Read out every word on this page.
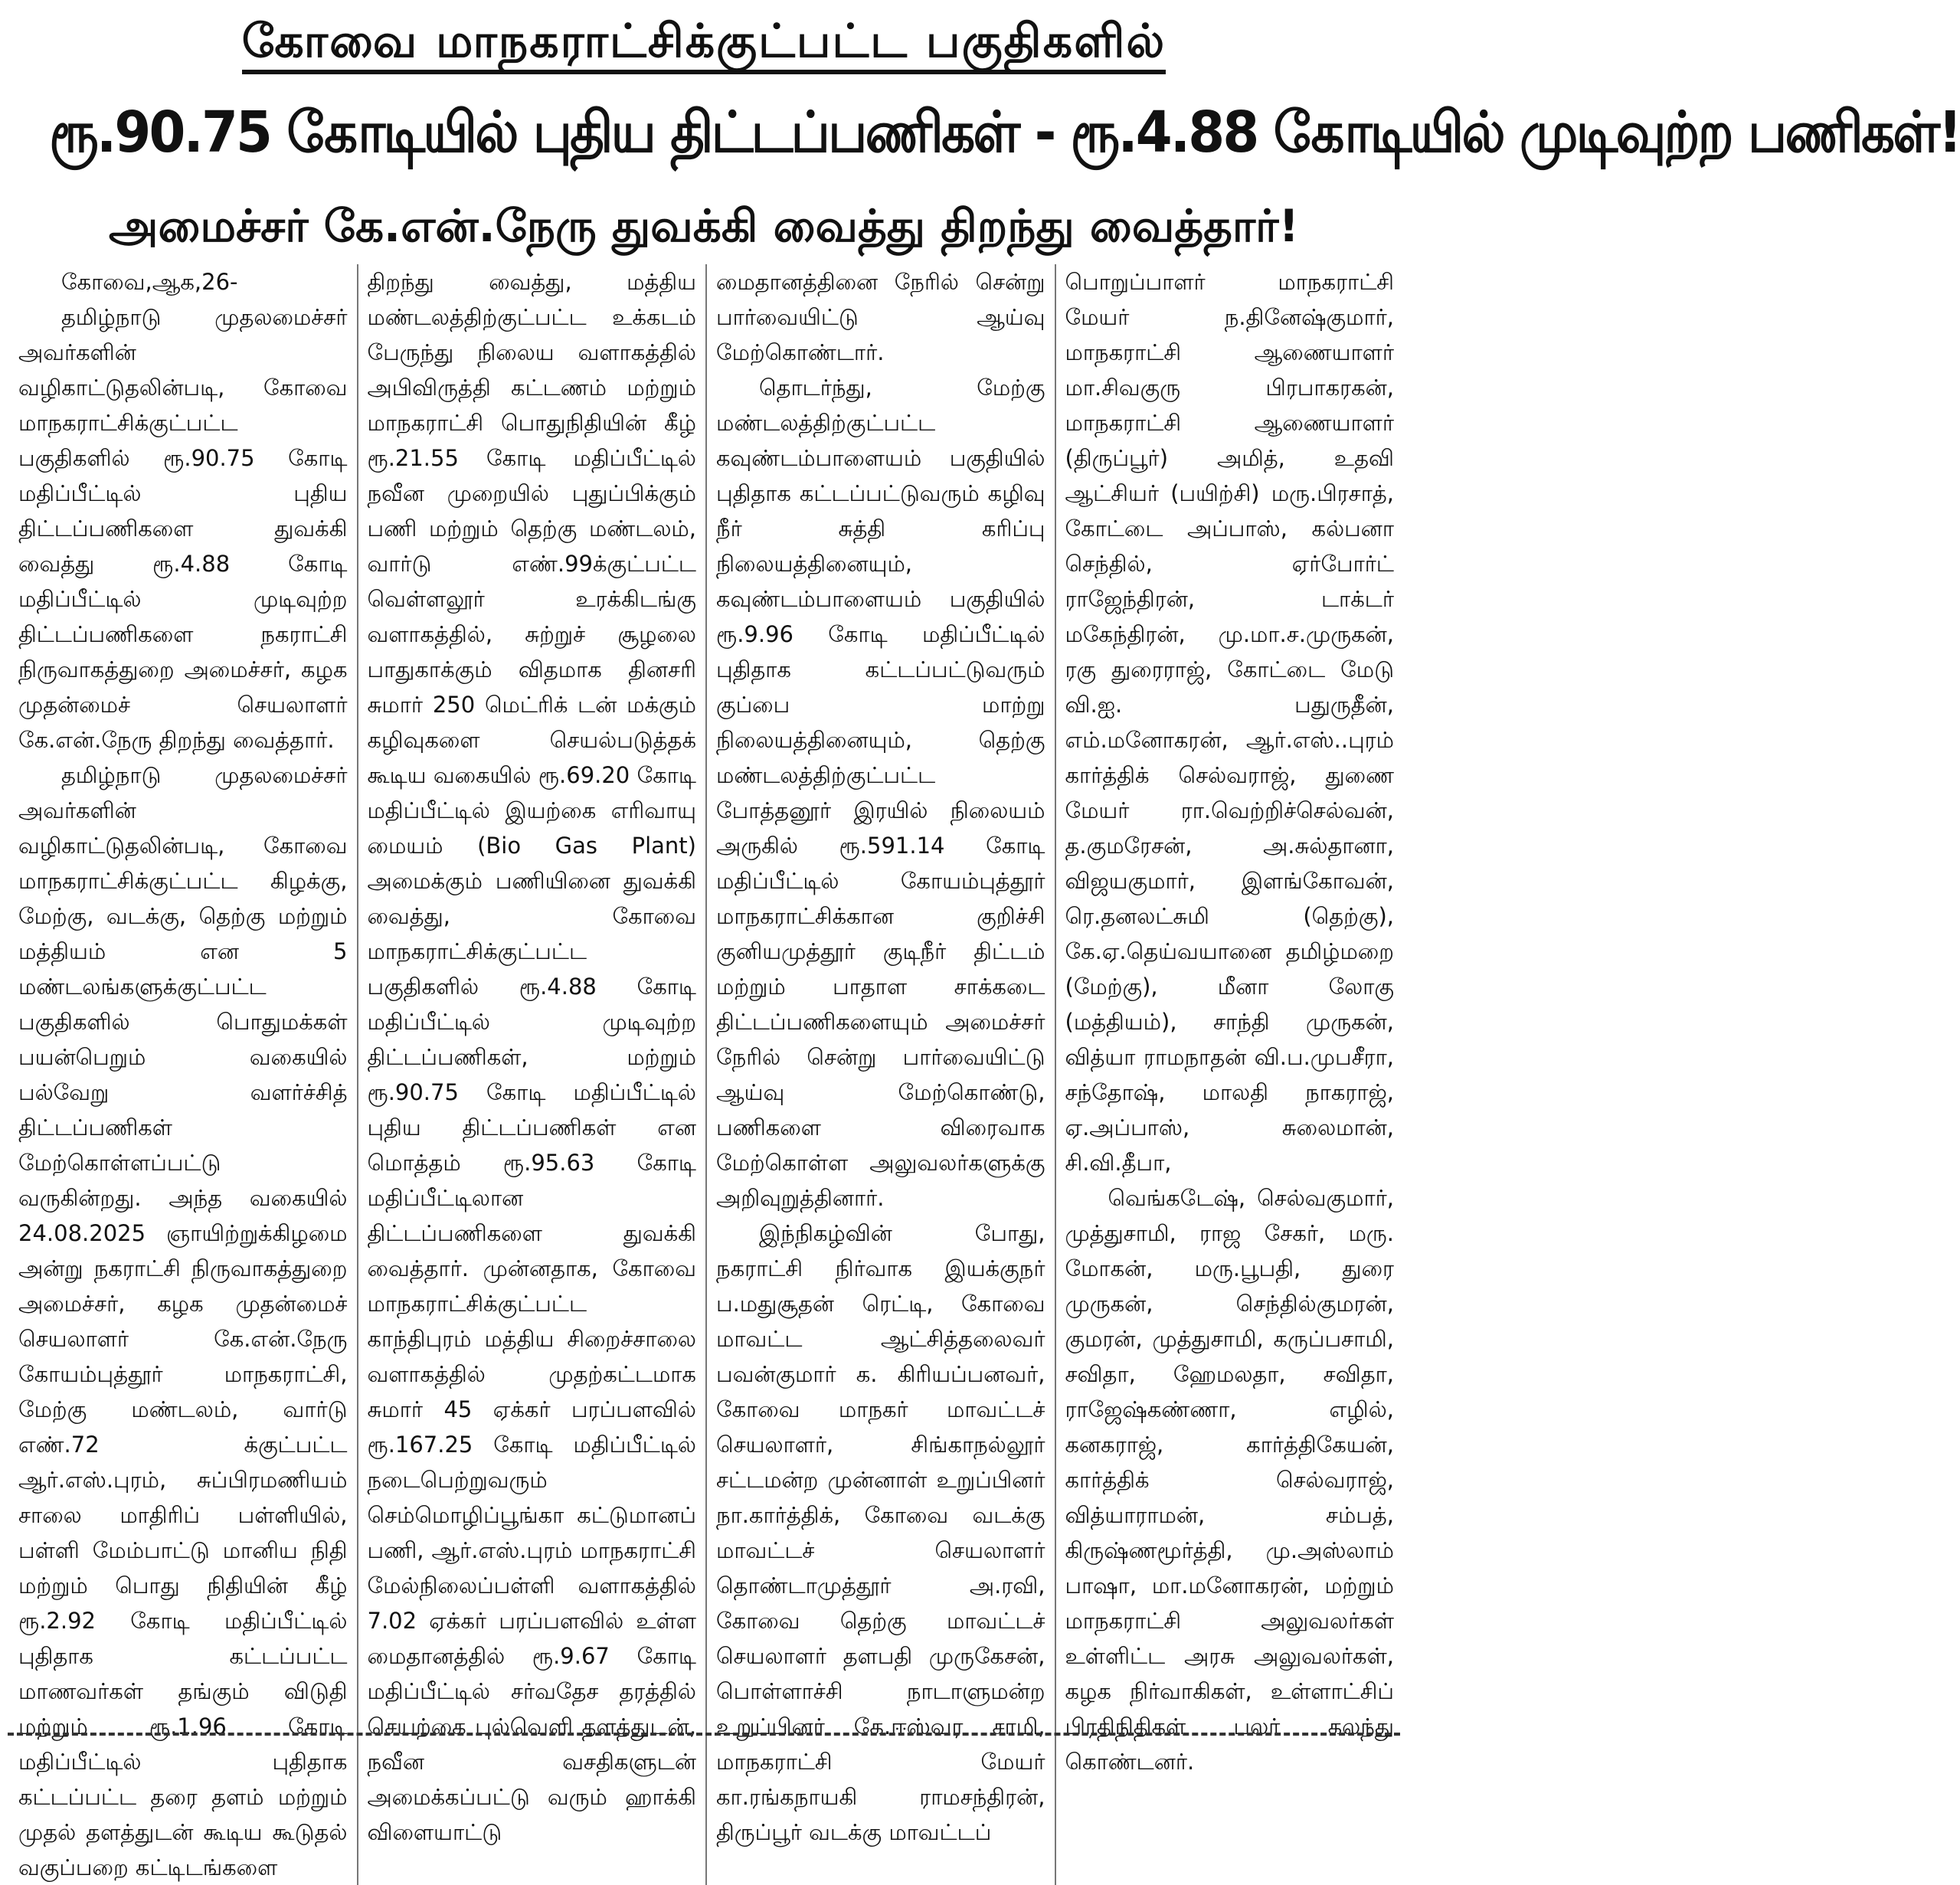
கோவை மாநகராட்சிக்குட்பட்ட பகுதிகளில்
ரூ.90.75 கோடியில் புதிய திட்டப்பணிகள் - ரூ.4.88 கோடியில் முடிவுற்ற பணிகள்!
அமைச்சர் கே.என்.நேரு துவக்கி வைத்து திறந்து வைத்தார்!

கோவை,ஆக,26-

தமிழ்நாடு முதலமைச்சர் அவர்களின் வழிகாட்டுதலின்படி, கோவை மாநகராட்சிக்குட்பட்ட பகுதிகளில் ரூ.90.75 கோடி மதிப்பீட்டில் புதிய திட்டப்பணிகளை துவக்கி வைத்து ரூ.4.88 கோடி மதிப்பீட்டில் முடிவுற்ற திட்டப்பணிகளை நகராட்சி நிருவாகத்துறை அமைச்சர், கழக முதன்மைச் செயலாளர் கே.என்.நேரு திறந்து வைத்தார்.

தமிழ்நாடு முதலமைச்சர் அவர்களின் வழிகாட்டுதலின்படி, கோவை மாநகராட்சிக்குட்பட்ட கிழக்கு, மேற்கு, வடக்கு, தெற்கு மற்றும் மத்தியம் என 5 மண்டலங்களுக்குட்பட்ட பகுதிகளில் பொதுமக்கள் பயன்பெறும் வகையில் பல்வேறு வளர்ச்சித் திட்டப்பணிகள் மேற்கொள்ளப்பட்டு வருகின்றது. அந்த வகையில் 24.08.2025 ஞாயிற்றுக்கிழமை அன்று நகராட்சி நிருவாகத்துறை அமைச்சர், கழக முதன்மைச் செயலாளர் கே.என்.நேரு கோயம்புத்தூர் மாநகராட்சி, மேற்கு மண்டலம், வார்டு எண்.72 க்குட்பட்ட ஆர்.எஸ்.புரம், சுப்பிரமணியம் சாலை மாதிரிப் பள்ளியில், பள்ளி மேம்பாட்டு மானிய நிதி மற்றும் பொது நிதியின் கீழ் ரூ.2.92 கோடி மதிப்பீட்டில் புதிதாக கட்டப்பட்ட மாணவர்கள் தங்கும் விடுதி மற்றும் ரூ.1.96 கோடி மதிப்பீட்டில் புதிதாக கட்டப்பட்ட தரை தளம் மற்றும் முதல் தளத்துடன் கூடிய கூடுதல் வகுப்பறை கட்டிடங்களை

திறந்து வைத்து, மத்திய மண்டலத்திற்குட்பட்ட உக்கடம் பேருந்து நிலைய வளாகத்தில் அபிவிருத்தி கட்டணம் மற்றும் மாநகராட்சி பொதுநிதியின் கீழ் ரூ.21.55 கோடி மதிப்பீட்டில் நவீன முறையில் புதுப்பிக்கும் பணி மற்றும் தெற்கு மண்டலம், வார்டு எண்.99க்குட்பட்ட வெள்ளலூர் உரக்கிடங்கு வளாகத்தில், சுற்றுச் சூழலை பாதுகாக்கும் விதமாக தினசரி சுமார் 250 மெட்ரிக் டன் மக்கும் கழிவுகளை செயல்படுத்தக் கூடிய வகையில் ரூ.69.20 கோடி மதிப்பீட்டில் இயற்கை எரிவாயு மையம் (Bio Gas Plant) அமைக்கும் பணியினை துவக்கி வைத்து, கோவை மாநகராட்சிக்குட்பட்ட பகுதிகளில் ரூ.4.88 கோடி மதிப்பீட்டில் முடிவுற்ற திட்டப்பணிகள், மற்றும் ரூ.90.75 கோடி மதிப்பீட்டில் புதிய திட்டப்பணிகள் என மொத்தம் ரூ.95.63 கோடி மதிப்பீட்டிலான திட்டப்பணிகளை துவக்கி வைத்தார். முன்னதாக, கோவை மாநகராட்சிக்குட்பட்ட காந்திபுரம் மத்திய சிறைச்சாலை வளாகத்தில் முதற்கட்டமாக சுமார் 45 ஏக்கர் பரப்பளவில் ரூ.167.25 கோடி மதிப்பீட்டில் நடைபெற்றுவரும் செம்மொழிப்பூங்கா கட்டுமானப் பணி, ஆர்.எஸ்.புரம் மாநகராட்சி மேல்நிலைப்பள்ளி வளாகத்தில் 7.02 ஏக்கர் பரப்பளவில் உள்ள மைதானத்தில் ரூ.9.67 கோடி மதிப்பீட்டில் சர்வதேச தரத்தில் செயற்கை புல்வெளி தளத்துடன், நவீன வசதிகளுடன் அமைக்கப்பட்டு வரும் ஹாக்கி விளையாட்டு

மைதானத்தினை நேரில் சென்று பார்வையிட்டு ஆய்வு மேற்கொண்டார்.

தொடர்ந்து, மேற்கு மண்டலத்திற்குட்பட்ட கவுண்டம்பாளையம் பகுதியில் புதிதாக கட்டப்பட்டுவரும் கழிவு நீர் சுத்தி கரிப்பு நிலையத்தினையும், கவுண்டம்பாளையம் பகுதியில் ரூ.9.96 கோடி மதிப்பீட்டில் புதிதாக கட்டப்பட்டுவரும் குப்பை மாற்று நிலையத்தினையும், தெற்கு மண்டலத்திற்குட்பட்ட போத்தனூர் இரயில் நிலையம் அருகில் ரூ.591.14 கோடி மதிப்பீட்டில் கோயம்புத்தூர் மாநகராட்சிக்கான குறிச்சி குனியமுத்தூர் குடிநீர் திட்டம் மற்றும் பாதாள சாக்கடை திட்டப்பணிகளையும் அமைச்சர் நேரில் சென்று பார்வையிட்டு ஆய்வு மேற்கொண்டு, பணிகளை விரைவாக மேற்கொள்ள அலுவலர்களுக்கு அறிவுறுத்தினார்.

இந்நிகழ்வின் போது, நகராட்சி நிர்வாக இயக்குநர் ப.மதுசூதன் ரெட்டி, கோவை மாவட்ட ஆட்சித்தலைவர் பவன்குமார் க. கிரியப்பனவர், கோவை மாநகர் மாவட்டச் செயலாளர், சிங்காநல்லூர் சட்டமன்ற முன்னாள் உறுப்பினர் நா.கார்த்திக், கோவை வடக்கு மாவட்டச் செயலாளர் தொண்டாமுத்தூர் அ.ரவி, கோவை தெற்கு மாவட்டச் செயலாளர் தளபதி முருகேசன், பொள்ளாச்சி நாடாளுமன்ற உறுப்பினர் கே.ஈஸ்வர சாமி, மாநகராட்சி மேயர் கா.ரங்கநாயகி ராமசந்திரன், திருப்பூர் வடக்கு மாவட்டப்

பொறுப்பாளர் மாநகராட்சி மேயர் ந.தினேஷ்குமார், மாநகராட்சி ஆணையாளர் மா.சிவகுரு பிரபாகரகன், மாநகராட்சி ஆணையாளர் (திருப்பூர்) அமித், உதவி ஆட்சியர் (பயிற்சி) மரு.பிரசாத், கோட்டை அப்பாஸ், கல்பனா செந்தில், ஏர்போர்ட் ராஜேந்திரன், டாக்டர் மகேந்திரன், மு.மா.ச.முருகன், ரகு துரைராஜ், கோட்டை மேடு வி.ஐ. பதுருதீன், எம்.மனோகரன், ஆர்.எஸ்..புரம் கார்த்திக் செல்வராஜ், துணை மேயர் ரா.வெற்றிச்செல்வன், த.குமரேசன், அ.சுல்தானா, விஜயகுமார், இளங்கோவன், ரெ.தனலட்சுமி (தெற்கு), கே.ஏ.தெய்வயானை தமிழ்மறை (மேற்கு), மீனா லோகு (மத்தியம்), சாந்தி முருகன், வித்யா ராமநாதன் வி.ப.முபசீரா, சந்தோஷ், மாலதி நாகராஜ், ஏ.அப்பாஸ், சுலைமான், சி.வி.தீபா,

வெங்கடேஷ், செல்வகுமார், முத்துசாமி, ராஜ சேகர், மரு. மோகன், மரு.பூபதி, துரை முருகன், செந்தில்குமரன், குமரன், முத்துசாமி, கருப்பசாமி, சவிதா, ஹேமலதா, சவிதா, ராஜேஷ்கண்ணா, எழில், கனகராஜ், கார்த்திகேயன், கார்த்திக் செல்வராஜ், வித்யாராமன், சம்பத், கிருஷ்ணமூர்த்தி, மு.அஸ்லாம் பாஷா, மா.மனோகரன், மற்றும் மாநகராட்சி அலுவலர்கள் உள்ளிட்ட அரசு அலுவலர்கள், கழக நிர்வாகிகள், உள்ளாட்சிப் பிரதிநிதிகள் பலர் கலந்து கொண்டனர்.
